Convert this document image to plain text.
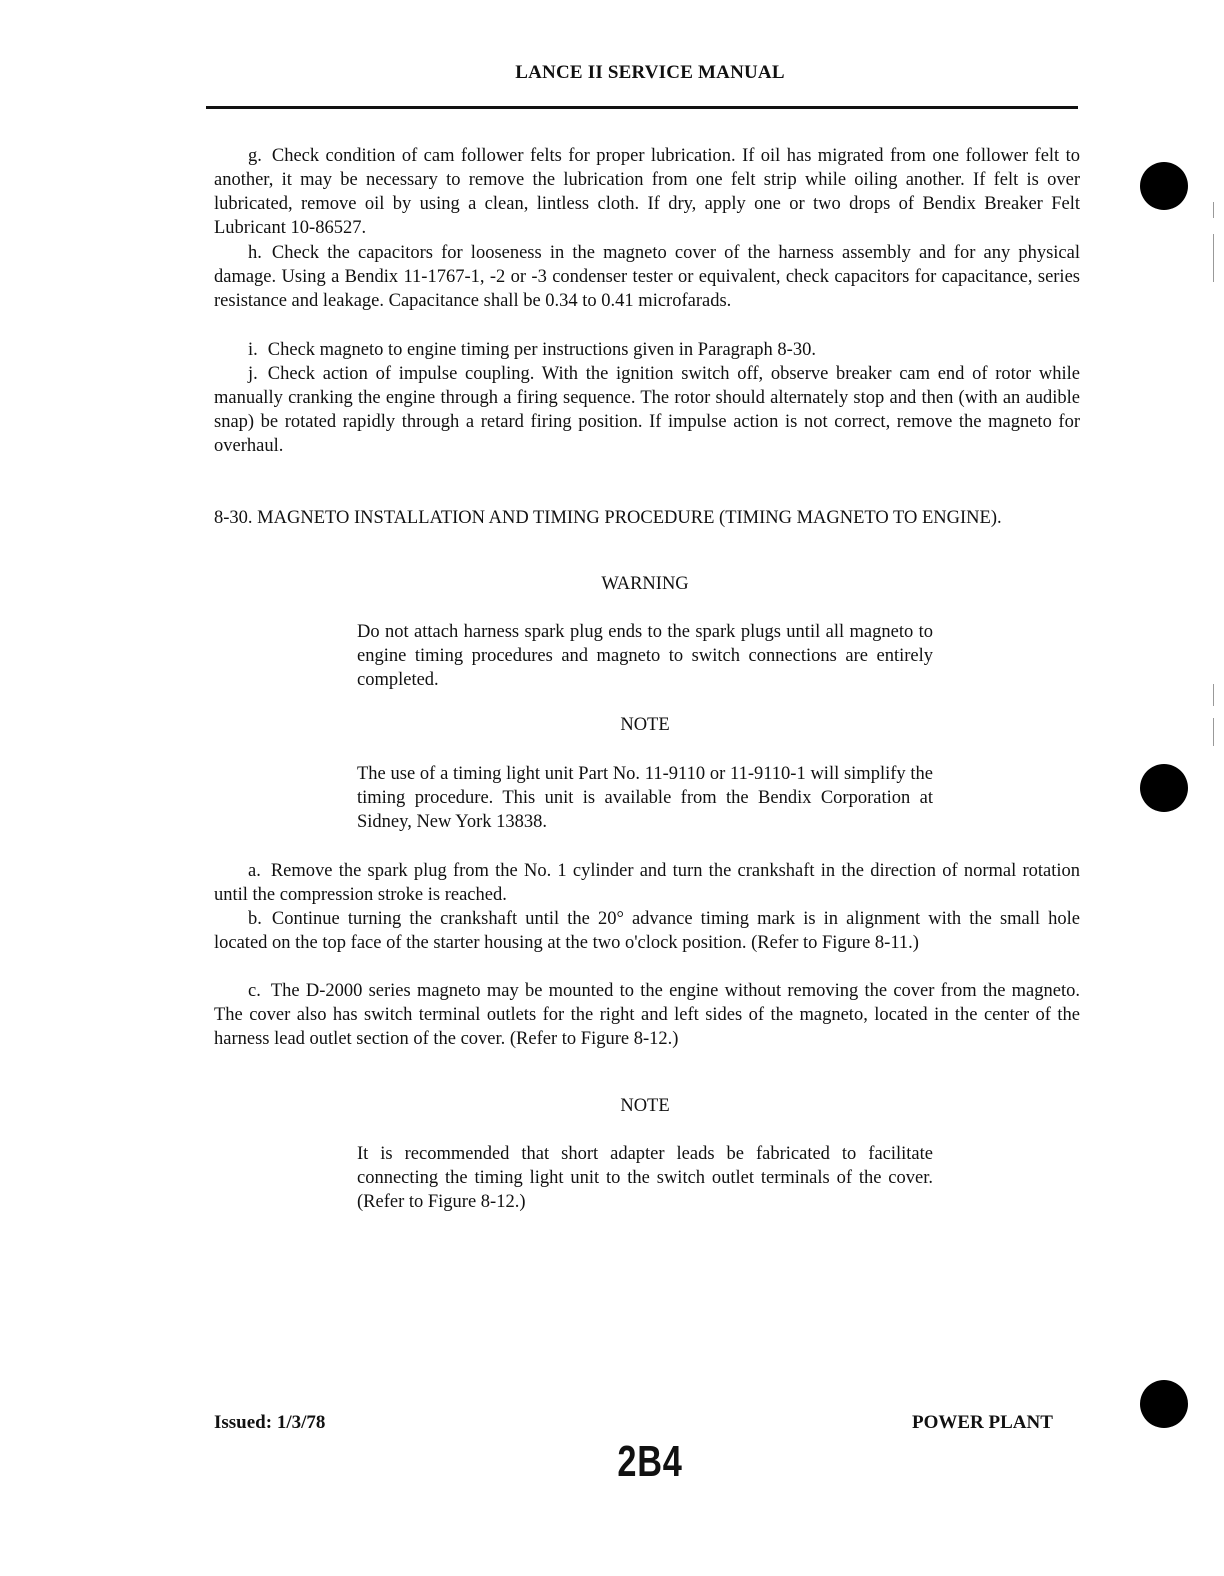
LANCE II SERVICE MANUAL

g. Check condition of cam follower felts for proper lubrication. If oil has migrated from one follower felt to another, it may be necessary to remove the lubrication from one felt strip while oiling another. If felt is over lubricated, remove oil by using a clean, lintless cloth. If dry, apply one or two drops of Bendix Breaker Felt Lubricant 10-86527.

h. Check the capacitors for looseness in the magneto cover of the harness assembly and for any physical damage. Using a Bendix 11-1767-1, -2 or -3 condenser tester or equivalent, check capacitors for capacitance, series resistance and leakage. Capacitance shall be 0.34 to 0.41 microfarads.

i. Check magneto to engine timing per instructions given in Paragraph 8-30.

j. Check action of impulse coupling. With the ignition switch off, observe breaker cam end of rotor while manually cranking the engine through a firing sequence. The rotor should alternately stop and then (with an audible snap) be rotated rapidly through a retard firing position. If impulse action is not correct, remove the magneto for overhaul.

8-30. MAGNETO INSTALLATION AND TIMING PROCEDURE (TIMING MAGNETO TO ENGINE).

WARNING

Do not attach harness spark plug ends to the spark plugs until all magneto to engine timing procedures and magneto to switch connections are entirely completed.

NOTE

The use of a timing light unit Part No. 11-9110 or 11-9110-1 will simplify the timing procedure. This unit is available from the Bendix Corporation at Sidney, New York 13838.

a. Remove the spark plug from the No. 1 cylinder and turn the crankshaft in the direction of normal rotation until the compression stroke is reached.

b. Continue turning the crankshaft until the 20° advance timing mark is in alignment with the small hole located on the top face of the starter housing at the two o'clock position. (Refer to Figure 8-11.)

c. The D-2000 series magneto may be mounted to the engine without removing the cover from the magneto. The cover also has switch terminal outlets for the right and left sides of the magneto, located in the center of the harness lead outlet section of the cover. (Refer to Figure 8-12.)

NOTE

It is recommended that short adapter leads be fabricated to facilitate connecting the timing light unit to the switch outlet terminals of the cover. (Refer to Figure 8-12.)

Issued: 1/3/78	POWER PLANT
2B4
